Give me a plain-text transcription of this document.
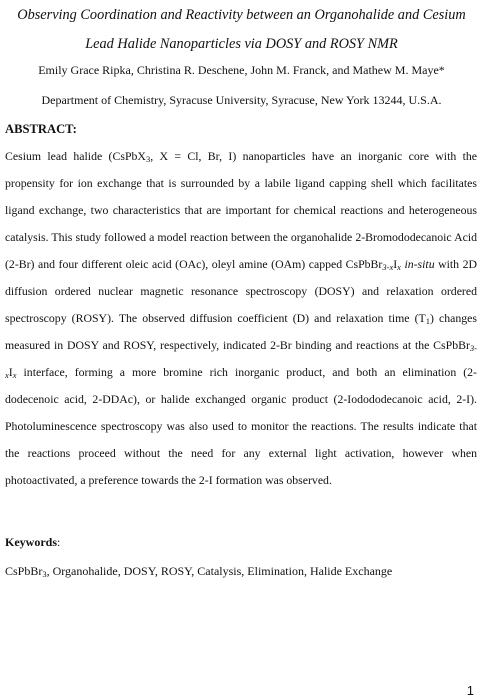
Observing Coordination and Reactivity between an Organohalide and Cesium Lead Halide Nanoparticles via DOSY and ROSY NMR
Emily Grace Ripka, Christina R. Deschene, John M. Franck, and Mathew M. Maye*
Department of Chemistry, Syracuse University, Syracuse, New York 13244, U.S.A.
ABSTRACT:

Cesium lead halide (CsPbX$_3$, X = Cl, Br, I) nanoparticles have an inorganic core with the propensity for ion exchange that is surrounded by a labile ligand capping shell which facilitates ligand exchange, two characteristics that are important for chemical reactions and heterogeneous catalysis. This study followed a model reaction between the organohalide 2-Bromododecanoic Acid (2-Br) and four different oleic acid (OAc), oleyl amine (OAm) capped CsPbBr3-xIx in-situ with 2D diffusion ordered nuclear magnetic resonance spectroscopy (DOSY) and relaxation ordered spectroscopy (ROSY). The observed diffusion coefficient (D) and relaxation time $(T_1)$ changes measured in DOSY and ROSY, respectively, indicated 2-Br binding and reactions at the CsPbBr3-xIx interface, forming a more bromine rich inorganic product, and both an elimination (2-dodecenoic acid, 2-DDAc), or halide exchanged organic product (2-Iodododecanoic acid, 2-I). Photoluminescence spectroscopy was also used to monitor the reactions. The results indicate that the reactions proceed without the need for any external light activation, however when photoactivated, a preference towards the 2-I formation was observed.

Keywords:
CsPbBr$_3$, Organohalide, DOSY, ROSY, Catalysis, Elimination, Halide Exchange
1
